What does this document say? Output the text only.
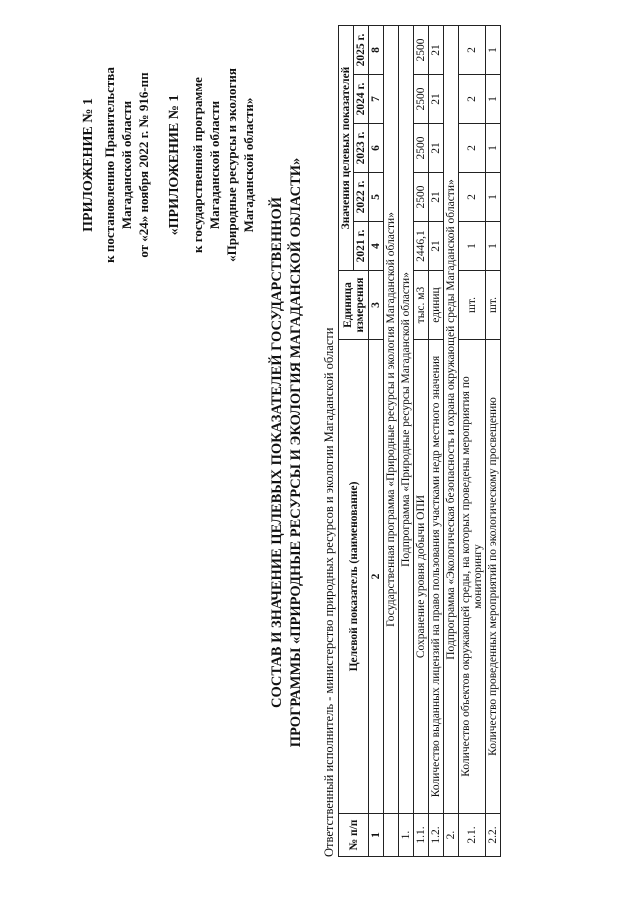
ПРИЛОЖЕНИЕ № 1 к постановлению Правительства Магаданской области от «24» ноября 2022 г. № 916-пп «ПРИЛОЖЕНИЕ № 1 к государственной программе Магаданской области «Природные ресурсы и экология Магаданской области»
СОСТАВ И ЗНАЧЕНИЕ ЦЕЛЕВЫХ ПОКАЗАТЕЛЕЙ ГОСУДАРСТВЕННОЙ ПРОГРАММЫ «ПРИРОДНЫЕ РЕСУРСЫ И ЭКОЛОГИЯ МАГАДАНСКОЙ ОБЛАСТИ» Ответственный исполнитель - министерство природных ресурсов и экологии Магаданской области № п/п	Целевой показатель (наименование)	Единица измерения	Значения целевых показателей				
			2021 г.	2022 г.	2023 г.	2024 г.	2025 г.
1	2	3	4	5	6	7	8
	Государственная программа «Природные ресурсы и экология Магаданской области»						
1.	Подпрограмма «Природные ресурсы Магаданской области»						
1.1.	Сохранение уровня добычи ОПИ	тыс. м3	2446,1	2500	2500	2500	2500
1.2.	Количество выданных лицензий на право пользования участками недр местного значения	единиц	21	21	21	21	21
2.	Подпрограмма «Экологическая безопасность и охрана окружающей среды Магаданской области»						
2.1.	Количество объектов окружающей среды, на которых проведены мероприятия по мониторингу	шт.	1	2	2	2	2
2.2.	Количество проведенных мероприятий по экологическому просвещению	шт.	1	1	1	1	1
